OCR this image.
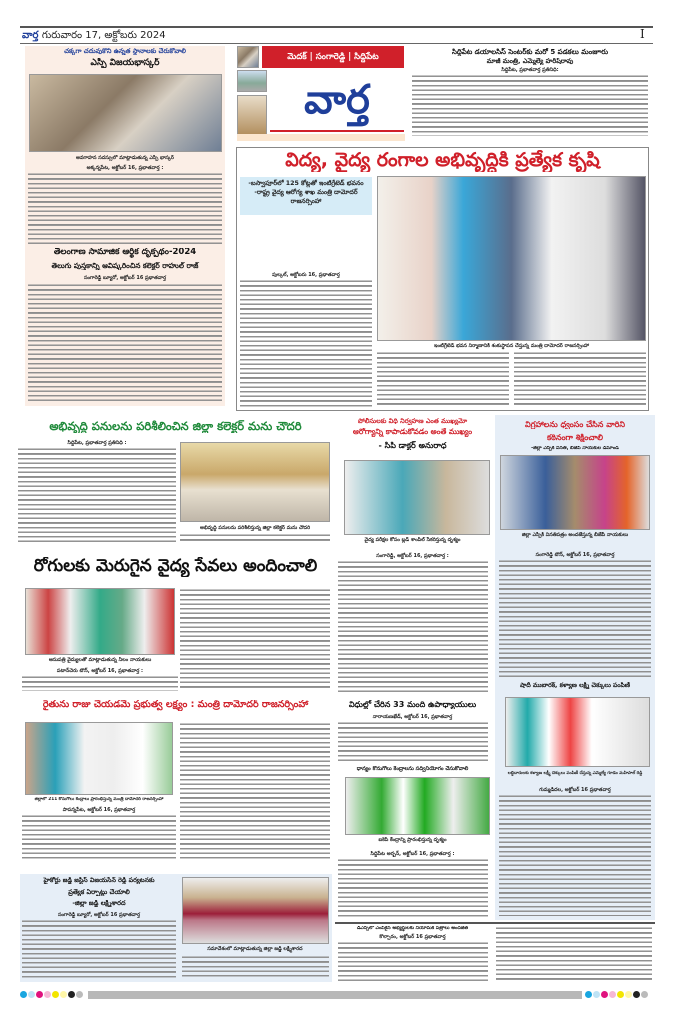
వార్త గురువారం 17, అక్టోబరు 2024	I
చక్కగా చదువుకొని ఉన్నత స్థానాలకు చేరుకోవాలి
ఎస్పీ విజయభాస్కర్
అవగాహన సదస్సులో మాట్లాడుతున్న ఎస్పీ భాస్కర్
అక్కన్నపేట, అక్టోబర్ 16, ప్రభాతవార్త :
తెలంగాణ సామాజిక ఆర్థిక దృక్పథం-2024
తెలుగు పుస్తకాన్ని ఆవిష్కరించిన కలెక్టర్ రాహుల్ రాజ్
సంగారెడ్డి బ్యూరో, అక్టోబర్ 16 ప్రభాతవార్త
మెదక్ | సంగారెడ్డి | సిద్దిపేట
వార్త
సిద్దిపేట డయాలసిస్ సెంటర్‌కు మరో 5 పడకలు మంజూరు
మాజీ మంత్రి, ఎమ్మెల్యే హరీష్‌రావు
సిద్దిపేట, ప్రభాతవార్త ప్రతినిధి:
విద్య, వైద్య రంగాల అభివృద్ధికి ప్రత్యేక కృషి
-బస్వాపూర్‌లో 125 కోట్లతో ఇంటిగ్రేటెడ్ భవనం
-రాష్ట్ర వైద్య ఆరోగ్య శాఖ మంత్రి దామోదర్ రాజనర్సింహా
పుల్కల్, అక్టోబరు 16, ప్రభాతవార్త
ఇంటిగ్రేటెడ్ భవన నిర్మాణానికి శంకుస్థాపన చేస్తున్న మంత్రి దామోదర్ రాజనర్సింహా
అభివృద్ధి పనులను పరిశీలించిన జిల్లా కలెక్టర్ మను చౌదరి
సిద్దిపేట, ప్రభాతవార్త ప్రతినిధి :
అభివృద్ధి పనులను పరిశీలిస్తున్న జిల్లా కలెక్టర్ మను చౌదరి
పోలీసులకు విధి నిర్వహణ ఎంత ముఖ్యమో
ఆరోగ్యాన్ని కాపాడుకోవడం అంతే ముఖ్యం
- సిపి డాక్టర్ అనురాధ
వైద్య పరీక్షల కోసం బ్లడ్ శాంపిల్ సేకరిస్తున్న దృశ్యం
సంగారెడ్డి, అక్టోబర్ 16, ప్రభాతవార్త :
విగ్రహాలను ధ్వంసం చేసిన వారిని
కఠినంగా శిక్షించాలి
-జిల్లా ఎస్పీకి వినతి, బీజేపీ నాయకుల డిమాండ్
జిల్లా ఎస్పీకి వినతిపత్రం అందజేస్తున్న బీజేపీ నాయకులు
సంగారెడ్డి టౌన్, అక్టోబర్ 16, ప్రభాతవార్త
షాదీ ముబారక్, కళ్యాణ లక్ష్మి చెక్కులు పంపిణీ
రోగులకు మెరుగైన వైద్య సేవలు అందించాలి
ఆసుపత్రి వైద్యులతో మాట్లాడుతున్న నీలం నాయకులు
పటాన్‌చెరు టౌన్, అక్టోబర్ 16, ప్రభాతవార్త :
రైతును రాజు చేయడమే ప్రభుత్వ లక్ష్యం : మంత్రి దామోదర్ రాజనర్సింహా
జిల్లాలో 211 కొనుగోలు కేంద్రాలు ప్రారంభిస్తున్న మంత్రి దామోదర్ రాజనర్సింహా
పాపన్నపేట, అక్టోబర్ 16, ప్రభాతవార్త
విధుల్లో చేరిన 33 మంది ఉపాధ్యాయులు
నారాయణఖేడ్, అక్టోబర్ 16, ప్రభాతవార్త
ధాన్యం కొనుగోలు కేంద్రాలను సద్వినియోగం చేసుకోవాలి
ఐకెపి కేంద్రాన్ని ప్రారంభిస్తున్న దృశ్యం
సిద్దిపేట అర్బన్, అక్టోబర్ 16, ప్రభాతవార్త :
లబ్ధిదారులకు కళ్యాణ లక్ష్మీ చెక్కులు పంపిణీ చేస్తున్న ఎమ్మెల్యే గూడెం మహిపాల్ రెడ్డి
గుమ్మడిదల, అక్టోబర్ 16 ప్రభాతవార్త
హైకోర్టు జడ్జి జస్టిస్ విజయసేన్ రెడ్డి పర్యటనకు
ప్రత్యేక ఏర్పాట్లు చేయాలి
-జిల్లా జడ్జి లక్ష్మీశారద
సంగారెడ్డి బ్యూరో, అక్టోబర్ 16 ప్రభాతవార్త
సమావేశంలో మాట్లాడుతున్న జిల్లా జడ్జి లక్ష్మీశారద
డీఎస్సీలో ఎంపికైన అభ్యర్థులకు నియామక పత్రాలు అందజేత
కొల్చారం, అక్టోబర్ 16 ప్రభాతవార్త
